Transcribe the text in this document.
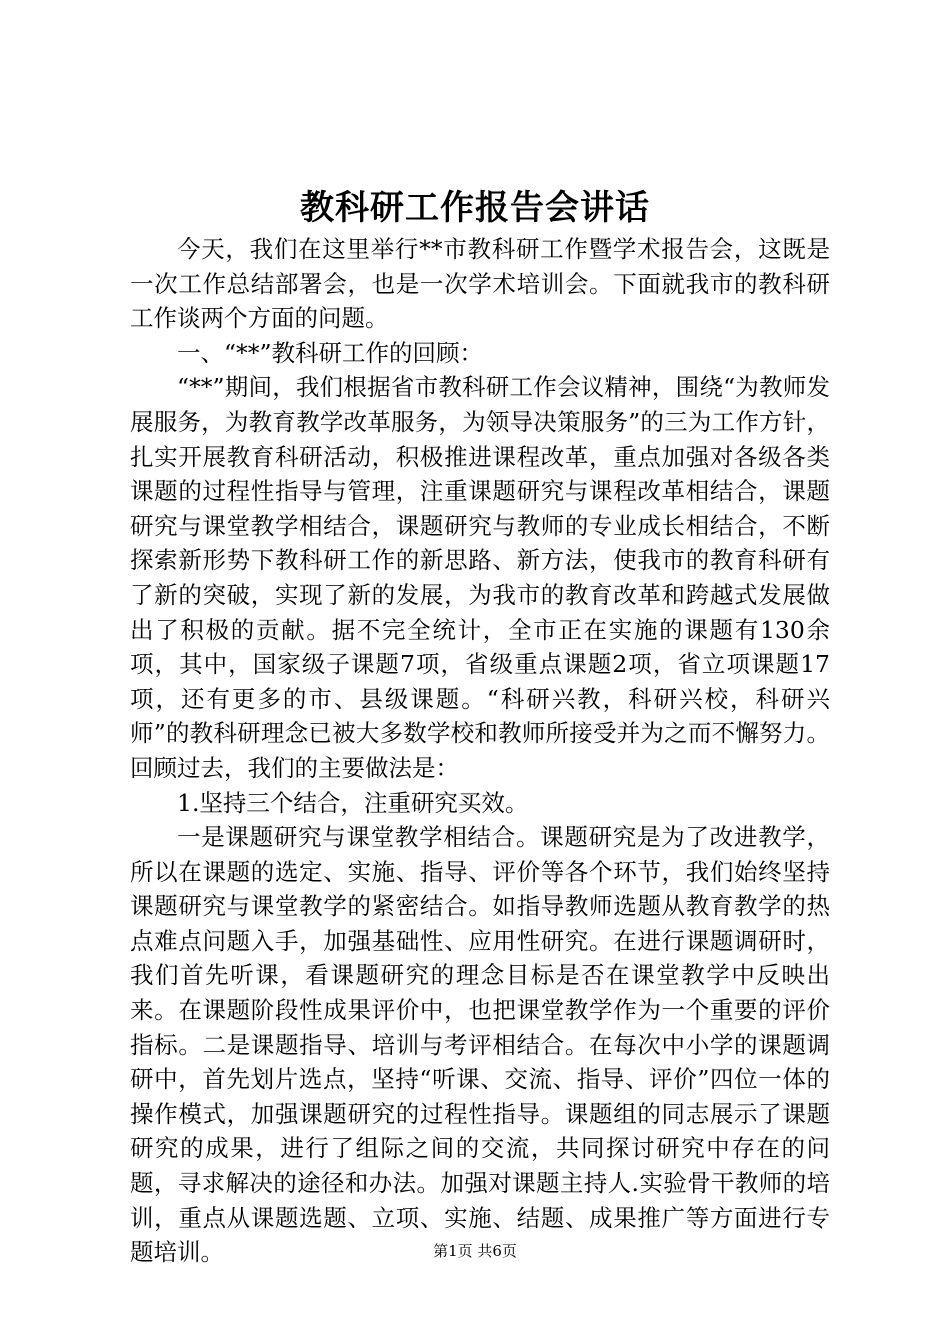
教科研工作报告会讲话

今天，我们在这里举行**市教科研工作暨学术报告会，这既是一次工作总结部署会，也是一次学术培训会。下面就我市的教科研工作谈两个方面的问题。

一、“**”教科研工作的回顾：

“**”期间，我们根据省市教科研工作会议精神，围绕“为教师发展服务，为教育教学改革服务，为领导决策服务”的三为工作方针，扎实开展教育科研活动，积极推进课程改革，重点加强对各级各类课题的过程性指导与管理，注重课题研究与课程改革相结合，课题研究与课堂教学相结合，课题研究与教师的专业成长相结合，不断探索新形势下教科研工作的新思路、新方法，使我市的教育科研有了新的突破，实现了新的发展，为我市的教育改革和跨越式发展做出了积极的贡献。据不完全统计，全市正在实施的课题有130余项，其中，国家级子课题7项，省级重点课题2项，省立项课题17项，还有更多的市、县级课题。“科研兴教，科研兴校，科研兴师”的教科研理念已被大多数学校和教师所接受并为之而不懈努力。回顾过去，我们的主要做法是：

1.坚持三个结合，注重研究买效。

一是课题研究与课堂教学相结合。课题研究是为了改进教学，所以在课题的选定、实施、指导、评价等各个环节，我们始终坚持课题研究与课堂教学的紧密结合。如指导教师选题从教育教学的热点难点问题入手，加强基础性、应用性研究。在进行课题调研时，我们首先听课，看课题研究的理念目标是否在课堂教学中反映出来。在课题阶段性成果评价中，也把课堂教学作为一个重要的评价指标。二是课题指导、培训与考评相结合。在每次中小学的课题调研中，首先划片选点，坚持“听课、交流、指导、评价”四位一体的操作模式，加强课题研究的过程性指导。课题组的同志展示了课题研究的成果，进行了组际之间的交流，共同探讨研究中存在的问题，寻求解决的途径和办法。加强对课题主持人.实验骨干教师的培训，重点从课题选题、立项、实施、结题、成果推广等方面进行专题培训。	第1页 共6页
